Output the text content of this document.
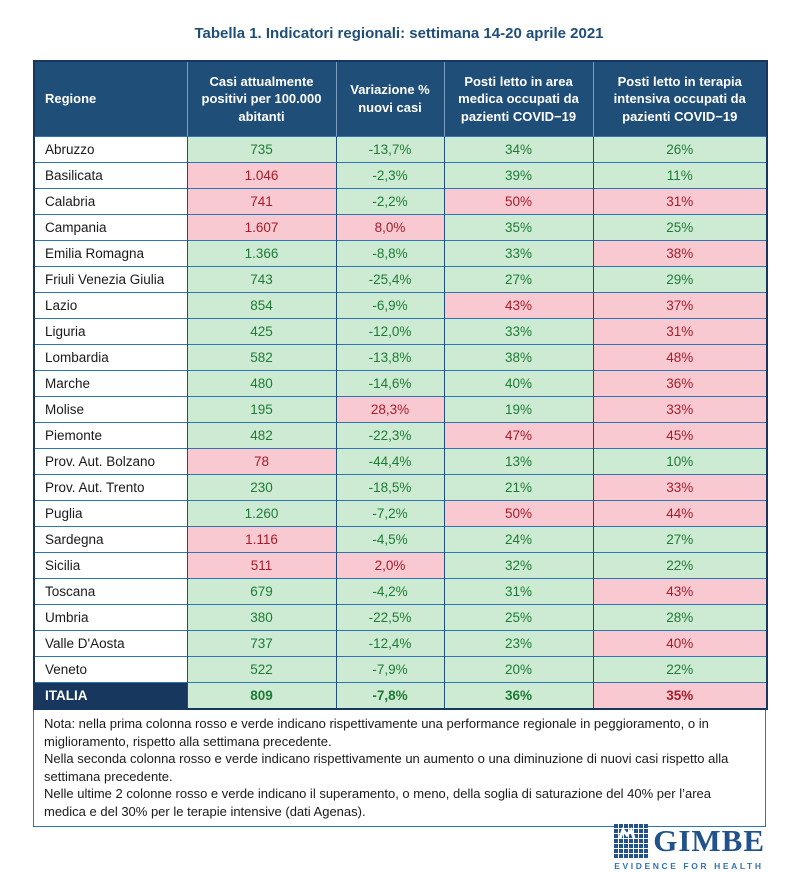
Tabella 1. Indicatori regionali: settimana 14-20 aprile 2021
Regione	Casi attualmente positivi per 100.000 abitanti	Variazione % nuovi casi	Posti letto in area medica occupati da pazienti COVID−19	Posti letto in terapia intensiva occupati da pazienti COVID−19
Abruzzo	735	-13,7%	34%	26%
Basilicata	1.046	-2,3%	39%	11%
Calabria	741	-2,2%	50%	31%
Campania	1.607	8,0%	35%	25%
Emilia Romagna	1.366	-8,8%	33%	38%
Friuli Venezia Giulia	743	-25,4%	27%	29%
Lazio	854	-6,9%	43%	37%
Liguria	425	-12,0%	33%	31%
Lombardia	582	-13,8%	38%	48%
Marche	480	-14,6%	40%	36%
Molise	195	28,3%	19%	33%
Piemonte	482	-22,3%	47%	45%
Prov. Aut. Bolzano	78	-44,4%	13%	10%
Prov. Aut. Trento	230	-18,5%	21%	33%
Puglia	1.260	-7,2%	50%	44%
Sardegna	1.116	-4,5%	24%	27%
Sicilia	511	2,0%	32%	22%
Toscana	679	-4,2%	31%	43%
Umbria	380	-22,5%	25%	28%
Valle D'Aosta	737	-12,4%	23%	40%
Veneto	522	-7,9%	20%	22%
ITALIA	809	-7,8%	36%	35%
Nota: nella prima colonna rosso e verde indicano rispettivamente una performance regionale in peggioramento, o in miglioramento, rispetto alla settimana precedente.
Nella seconda colonna rosso e verde indicano rispettivamente un aumento o una diminuzione di nuovi casi rispetto alla settimana precedente.
Nelle ultime 2 colonne rosso e verde indicano il superamento, o meno, della soglia di saturazione del 40% per l’area medica e del 30% per le terapie intensive (dati Agenas).
GIMBE
EVIDENCE FOR HEALTH
